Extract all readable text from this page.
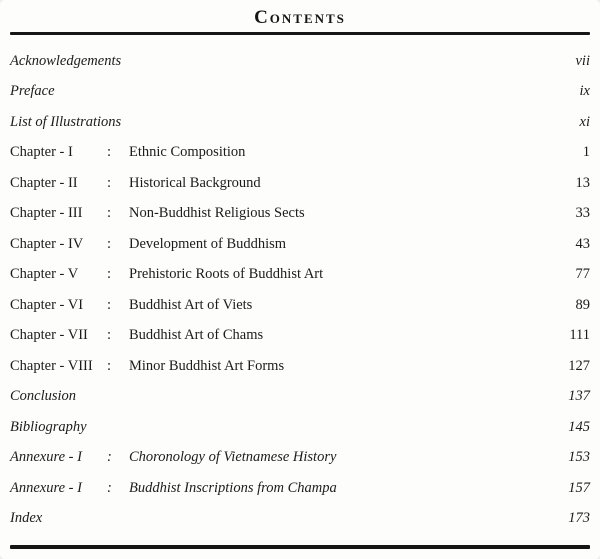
Contents
Acknowledgements	vii
Preface	ix
List of Illustrations	xi
Chapter - I	:	Ethnic Composition	1
Chapter - II	:	Historical Background	13
Chapter - III	:	Non-Buddhist Religious Sects	33
Chapter - IV	:	Development of Buddhism	43
Chapter - V	:	Prehistoric Roots of Buddhist Art	77
Chapter - VI	:	Buddhist Art of Viets	89
Chapter - VII	:	Buddhist Art of Chams	111
Chapter - VIII :	Minor Buddhist Art Forms	127
Conclusion	137
Bibliography	145
Annexure - I	:	Choronology of Vietnamese History	153
Annexure - I	:	Buddhist Inscriptions from Champa	157
Index	173
